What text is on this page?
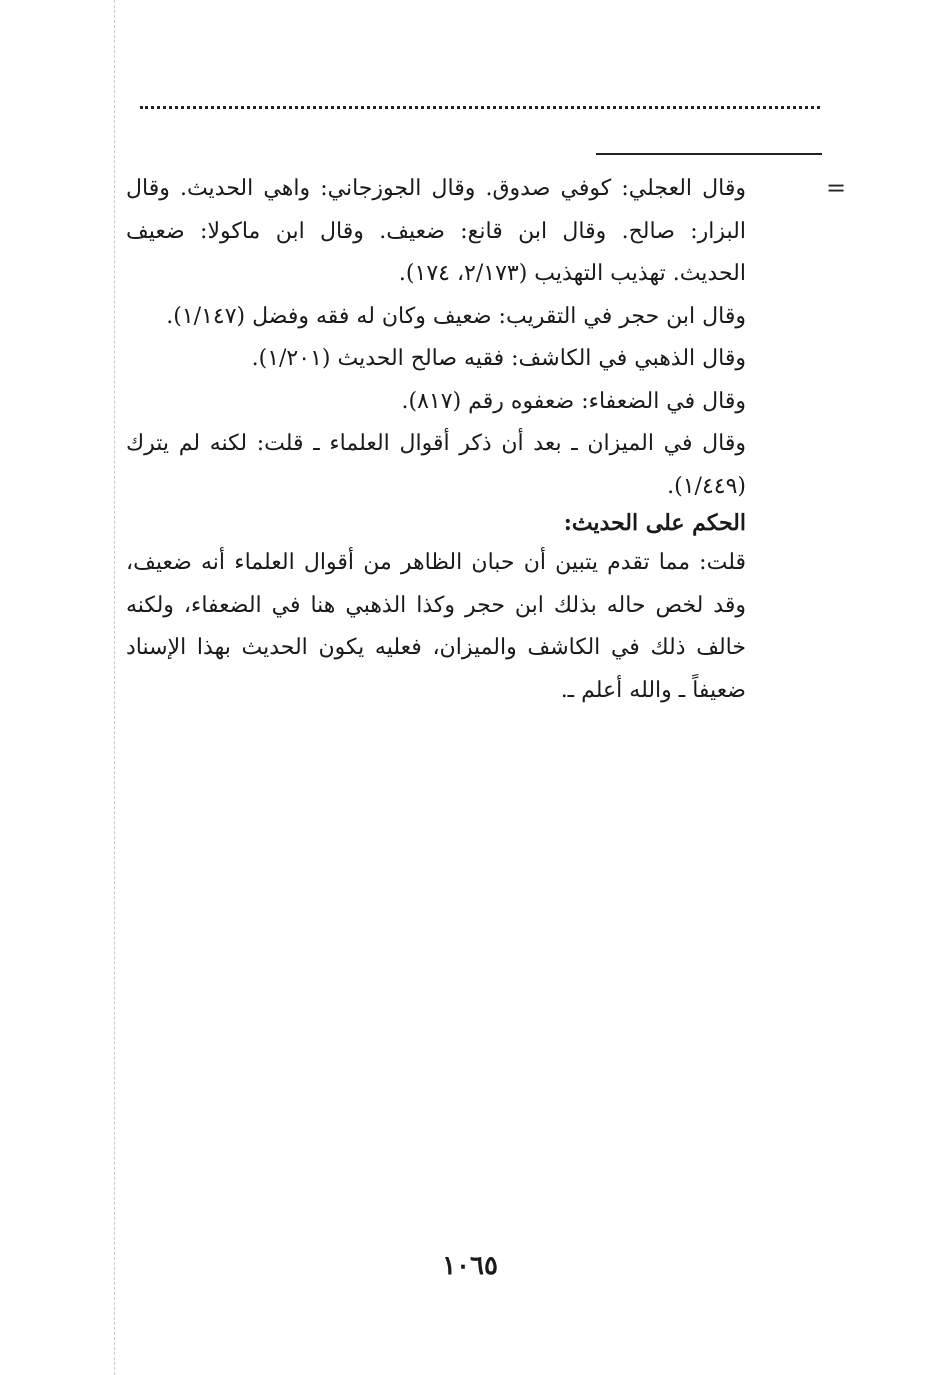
=

وقال العجلي: كوفي صدوق. وقال الجوزجاني: واهي الحديث. وقال البزار: صالح. وقال ابن قانع: ضعيف. وقال ابن ماكولا: ضعيف الحديث. تهذيب التهذيب (٢/١٧٣، ١٧٤).

وقال ابن حجر في التقريب: ضعيف وكان له فقه وفضل (١/١٤٧).

وقال الذهبي في الكاشف: فقيه صالح الحديث (١/٢٠١).

وقال في الضعفاء: ضعفوه رقم (٨١٧).

وقال في الميزان ـ بعد أن ذكر أقوال العلماء ـ قلت: لكنه لم يترك (١/٤٤٩).

الحكم على الحديث:

قلت: مما تقدم يتبين أن حبان الظاهر من أقوال العلماء أنه ضعيف، وقد لخص حاله بذلك ابن حجر وكذا الذهبي هنا في الضعفاء، ولكنه خالف ذلك في الكاشف والميزان، فعليه يكون الحديث بهذا الإسناد ضعيفاً ـ والله أعلم ـ.

١٠٦٥
